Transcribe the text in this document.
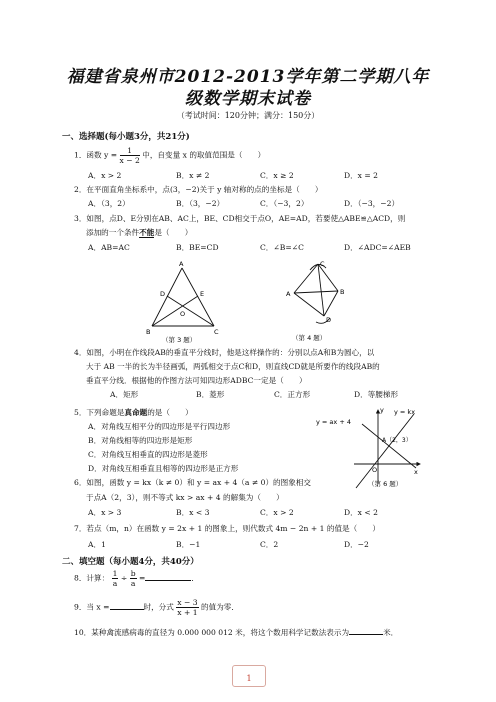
福建省泉州市2012-2013学年第二学期八年
级数学期末试卷
（考试时间：120分钟；满分：150分）
一、选择题(每小题3分，共21分)
1．函数 $y = \frac{1}{x - 2}$ 中，自变量 x 的取值范围是（　　）
A．x > 2	B．x ≠ 2	C．x ≥ 2	D．x = 2
2．在平面直角坐标系中，点(3，−2)关于 y 轴对称的点的坐标是（　　）
A．（3，2）	B．（3，−2）	C．（−3，2）	D．（−3，−2）
3．如图，点D、E分别在AB、AC上，BE、CD相交于点O，AE=AD，若要使△ABE≌△ACD，则
添加的一个条件不能是（　　）
A．AB=AC	B．BE=CD	C．∠B=∠C	D．∠ADC=∠AEB
A
D	E
O
B	C
（第 3 题）
C
A	B
D
（第 4 题）
4．如图，小明在作线段AB的垂直平分线时，他是这样操作的：分别以点A和B为圆心，以
大于 AB 一半的长为半径画弧，两弧相交于点C和D，则直线CD就是所要作的线段AB的
垂直平分线．根据他的作图方法可知四边形ADBC一定是（　　）
A．矩形	B．菱形	C．正方形	D．等腰梯形
5．下列命题是真命题的是（　　）
A．对角线互相平分的四边形是平行四边形
B．对角线相等的四边形是矩形
C．对角线互相垂直的四边形是菱形
D．对角线互相垂直且相等的四边形是正方形
y
x
O
y = kx
y = ax + 4
A（2，3）
（第 6 题）
6．如图，函数 y = kx（k ≠ 0）和 y = ax + 4（a ≠ 0）的图象相交
于点A（2，3），则不等式 kx > ax + 4 的解集为（　　）
A．x > 3	B．x < 3	C．x > 2	D．x < 2
7．若点（m，n）在函数 y = 2x + 1 的图象上，则代数式 4m − 2n + 1 的值是（　　）
A．1	B．−1	C．2	D．−2
二、填空题（每小题4分，共40分）
8．计算： $\frac{1}{a} \div \frac{b}{a}$ =	．
9．当 x =	时，分式 $\frac{x - 3}{x + 1}$ 的值为零．
10．某种禽流感病毒的直径为 0.000 000 012 米，将这个数用科学记数法表示为	米．
1
